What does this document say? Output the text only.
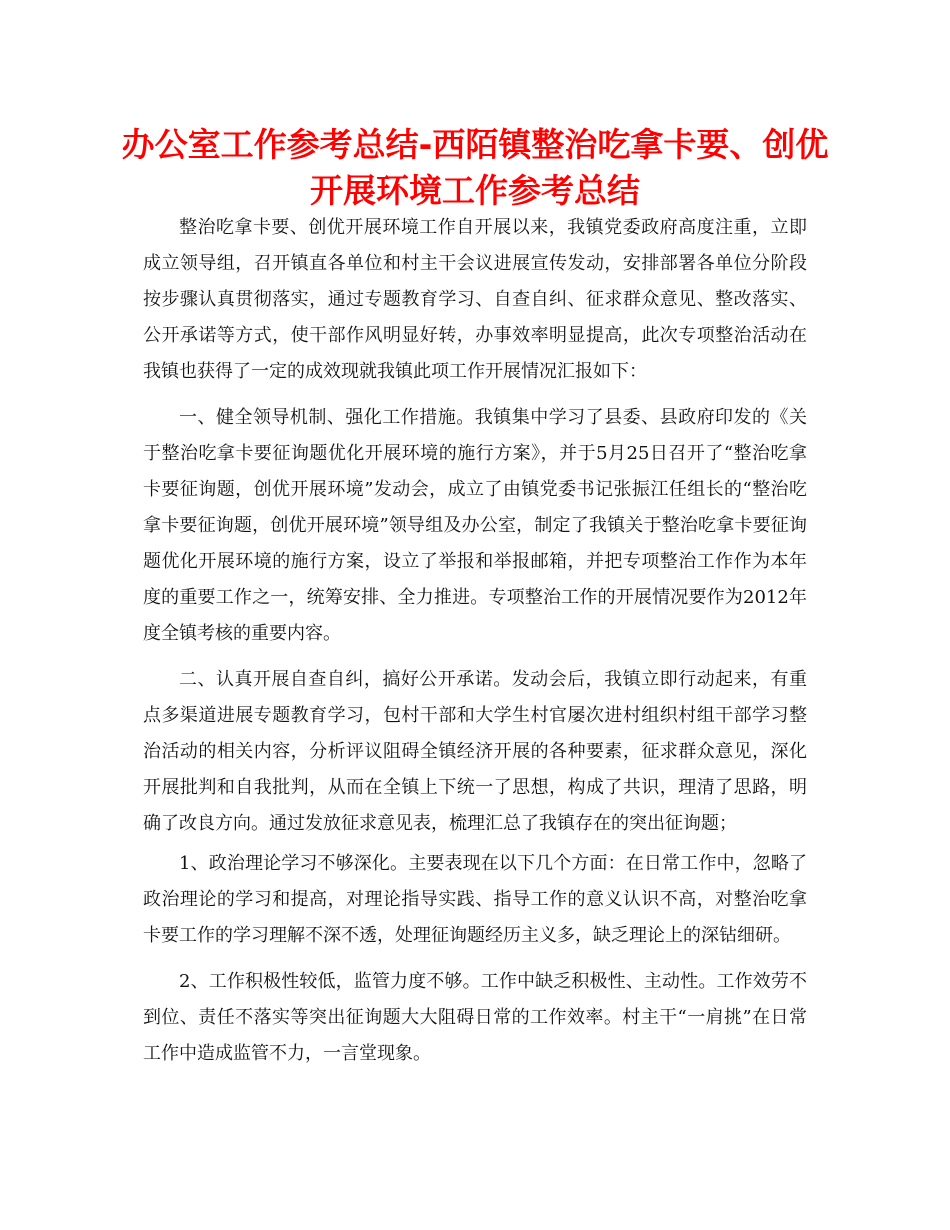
办公室工作参考总结-西陌镇整治吃拿卡要、创优开展环境工作参考总结

整治吃拿卡要、创优开展环境工作自开展以来，我镇党委政府高度注重，立即成立领导组，召开镇直各单位和村主干会议进展宣传发动，安排部署各单位分阶段按步骤认真贯彻落实，通过专题教育学习、自查自纠、征求群众意见、整改落实、公开承诺等方式，使干部作风明显好转，办事效率明显提高，此次专项整治活动在我镇也获得了一定的成效现就我镇此项工作开展情况汇报如下：

一、健全领导机制、强化工作措施。我镇集中学习了县委、县政府印发的《关于整治吃拿卡要征询题优化开展环境的施行方案》，并于5月25日召开了“整治吃拿卡要征询题，创优开展环境”发动会，成立了由镇党委书记张振江任组长的“整治吃拿卡要征询题，创优开展环境”领导组及办公室，制定了我镇关于整治吃拿卡要征询题优化开展环境的施行方案，设立了举报和举报邮箱，并把专项整治工作作为本年度的重要工作之一，统筹安排、全力推进。专项整治工作的开展情况要作为2012年度全镇考核的重要内容。

二、认真开展自查自纠，搞好公开承诺。发动会后，我镇立即行动起来，有重点多渠道进展专题教育学习，包村干部和大学生村官屡次进村组织村组干部学习整治活动的相关内容，分析评议阻碍全镇经济开展的各种要素，征求群众意见，深化开展批判和自我批判，从而在全镇上下统一了思想，构成了共识，理清了思路，明确了改良方向。通过发放征求意见表，梳理汇总了我镇存在的突出征询题；

1、政治理论学习不够深化。主要表现在以下几个方面：在日常工作中，忽略了政治理论的学习和提高，对理论指导实践、指导工作的意义认识不高，对整治吃拿卡要工作的学习理解不深不透，处理征询题经历主义多，缺乏理论上的深钻细研。

2、工作积极性较低，监管力度不够。工作中缺乏积极性、主动性。工作效劳不到位、责任不落实等突出征询题大大阻碍日常的工作效率。村主干“一肩挑”在日常工作中造成监管不力，一言堂现象。
